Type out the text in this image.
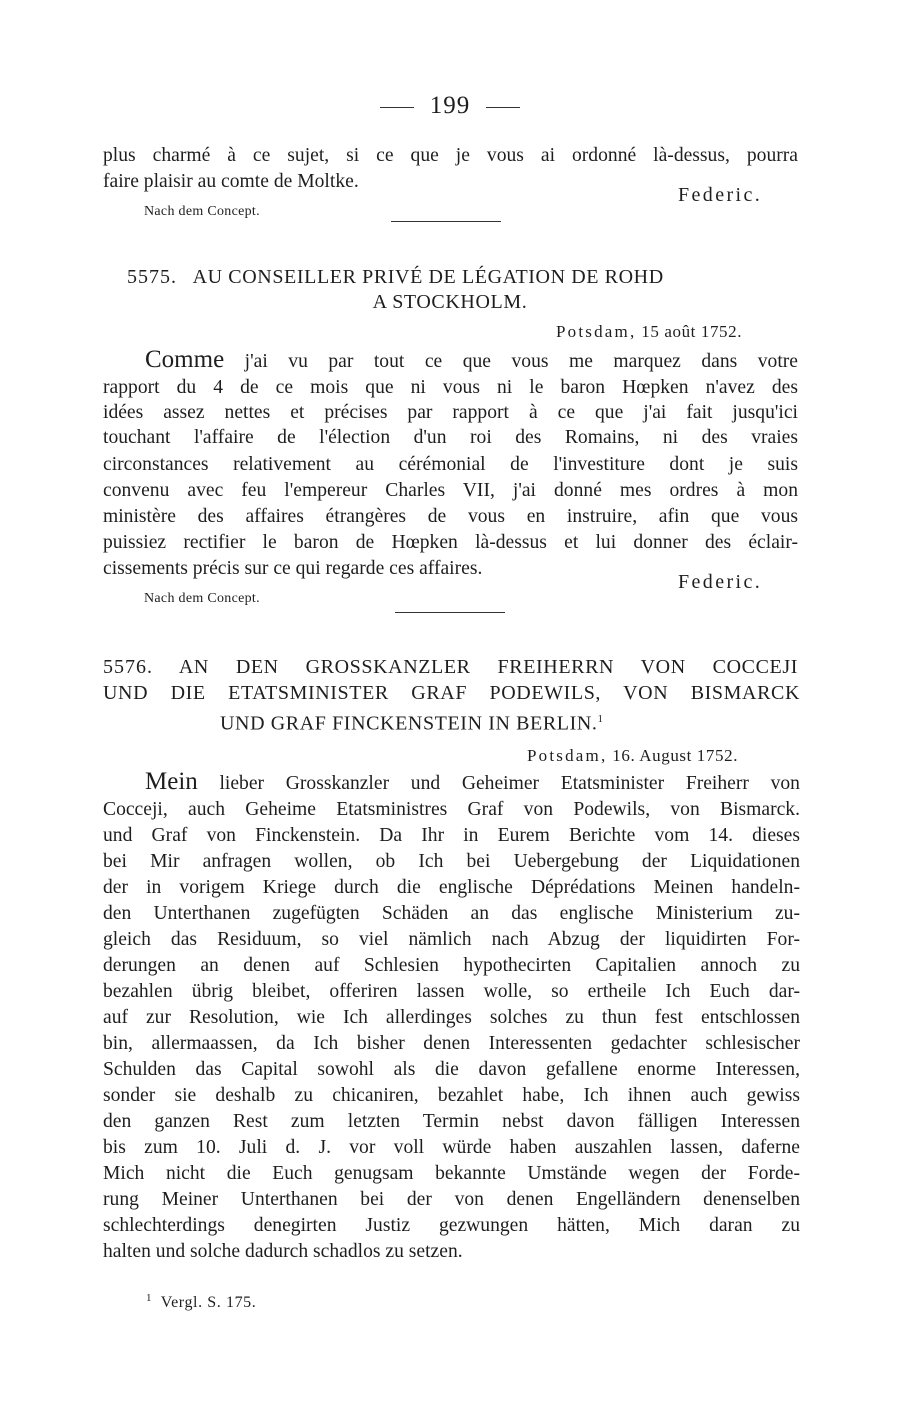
199
plus charmé à ce sujet, si ce que je vous ai ordonné là-dessus, pourra
faire plaisir au comte de Moltke.
Federic.
Nach dem Concept.
5575. AU CONSEILLER PRIVÉ DE LÉGATION DE ROHD
A STOCKHOLM.
Potsdam, 15 août 1752.
Comme j'ai vu par tout ce que vous me marquez dans votre
rapport du 4 de ce mois que ni vous ni le baron Hœpken n'avez des
idées assez nettes et précises par rapport à ce que j'ai fait jusqu'ici
touchant l'affaire de l'élection d'un roi des Romains, ni des vraies
circonstances relativement au cérémonial de l'investiture dont je suis
convenu avec feu l'empereur Charles VII, j'ai donné mes ordres à mon
ministère des affaires étrangères de vous en instruire, afin que vous
puissiez rectifier le baron de Hœpken là-dessus et lui donner des éclair-
cissements précis sur ce qui regarde ces affaires.
Federic.
Nach dem Concept.
5576. AN DEN GROSSKANZLER FREIHERRN VON COCCEJI
UND DIE ETATSMINISTER GRAF PODEWILS, VON BISMARCK
UND GRAF FINCKENSTEIN IN BERLIN.$^1$
Potsdam, 16. August 1752.
Mein lieber Grosskanzler und Geheimer Etatsminister Freiherr von
Cocceji, auch Geheime Etatsministres Graf von Podewils, von Bismarck.
und Graf von Finckenstein. Da Ihr in Eurem Berichte vom 14. dieses
bei Mir anfragen wollen, ob Ich bei Uebergebung der Liquidationen
der in vorigem Kriege durch die englische Déprédations Meinen handeln-
den Unterthanen zugefügten Schäden an das englische Ministerium zu-
gleich das Residuum, so viel nämlich nach Abzug der liquidirten For-
derungen an denen auf Schlesien hypothecirten Capitalien annoch zu
bezahlen übrig bleibet, offeriren lassen wolle, so ertheile Ich Euch dar-
auf zur Resolution, wie Ich allerdinges solches zu thun fest entschlossen
bin, allermaassen, da Ich bisher denen Interessenten gedachter schlesischer
Schulden das Capital sowohl als die davon gefallene enorme Interessen,
sonder sie deshalb zu chicaniren, bezahlet habe, Ich ihnen auch gewiss
den ganzen Rest zum letzten Termin nebst davon fälligen Interessen
bis zum 10. Juli d. J. vor voll würde haben auszahlen lassen, daferne
Mich nicht die Euch genugsam bekannte Umstände wegen der Forde-
rung Meiner Unterthanen bei der von denen Engelländern denenselben
schlechterdings denegirten Justiz gezwungen hätten, Mich daran zu
halten und solche dadurch schadlos zu setzen.
$^1$ Vergl. S. 175.
